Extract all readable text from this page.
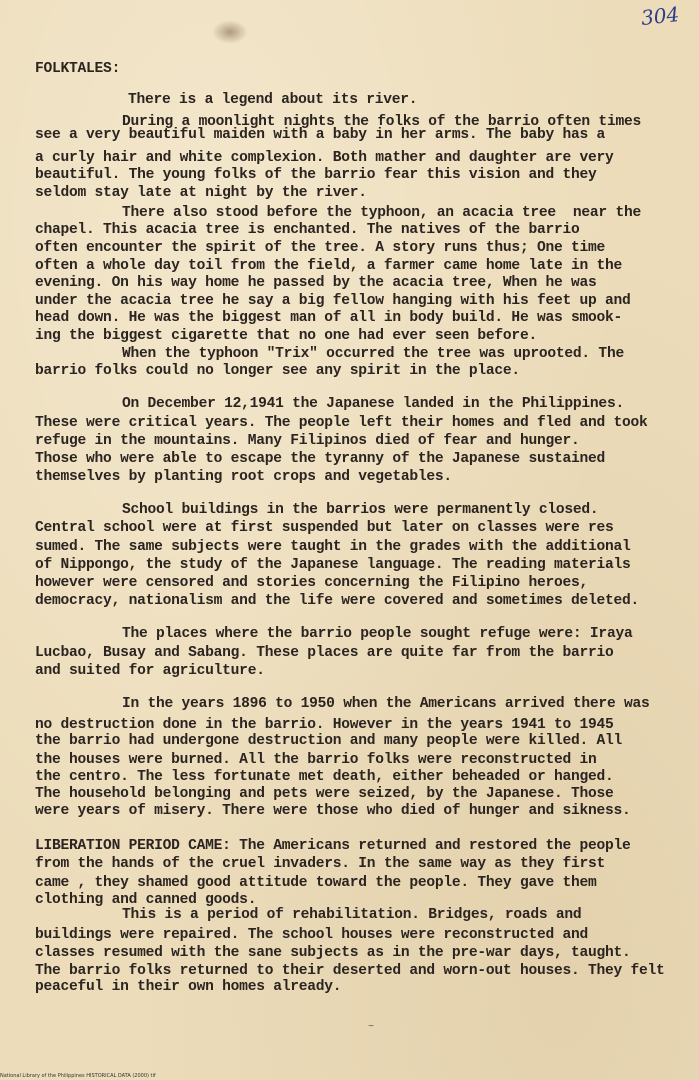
304

FOLKTALES:

There is a legend about its river.

During a moonlight nights the folks of the barrio often times

see a very beautiful maiden with a baby in her arms. The baby has a

a curly hair and white complexion. Both mather and daughter are very

beautiful. The young folks of the barrio fear this vision and they

seldom stay late at night by the river.

There also stood before the typhoon, an acacia tree  near the

chapel. This acacia tree is enchanted. The natives of the barrio

often encounter the spirit of the tree. A story runs thus; One time

often a whole day toil from the field, a farmer came home late in the

evening. On his way home he passed by the acacia tree, When he was

under the acacia tree he say a big fellow hanging with his feet up and

head down. He was the biggest man of all in body build. He was smook-

ing the biggest cigarette that no one had ever seen before.

When the typhoon "Trix" occurred the tree was uprooted. The

barrio folks could no longer see any spirit in the place.

On December 12,1941 the Japanese landed in the Philippines.

These were critical years. The people left their homes and fled and took

refuge in the mountains. Many Filipinos died of fear and hunger.

Those who were able to escape the tyranny of the Japanese sustained

themselves by planting root crops and vegetables.

School buildings in the barrios were permanently closed.

Central school were at first suspended but later on classes were res

sumed. The same subjects were taught in the grades with the additional

of Nippongo, the study of the Japanese language. The reading materials

however were censored and stories concerning the Filipino heroes,

democracy, nationalism and the life were covered and sometimes deleted.

The places where the barrio people sought refuge were: Iraya

Lucbao, Busay and Sabang. These places are quite far from the barrio

and suited for agriculture.

In the years 1896 to 1950 when the Americans arrived there was

no destruction done in the barrio. However in the years 1941 to 1945

the barrio had undergone destruction and many people were killed. All

the houses were burned. All the barrio folks were reconstructed in

the centro. The less fortunate met death, either beheaded or hanged.

The household belonging and pets were seized, by the Japanese. Those

were years of misery. There were those who died of hunger and sikness.

LIBERATION PERIOD CAME: The Americans returned and restored the people

from the hands of the cruel invaders. In the same way as they first

came , they shamed good attitude toward the people. They gave them

clothing and canned goods.

This is a period of rehabilitation. Bridges, roads and

buildings were repaired. The school houses were reconstructed and

classes resumed with the sane subjects as in the pre-war days, taught.

The barrio folks returned to their deserted and worn-out houses. They felt

peaceful in their own homes already.

~
National Library of the Philippines HISTORICAL DATA (2000) tif
